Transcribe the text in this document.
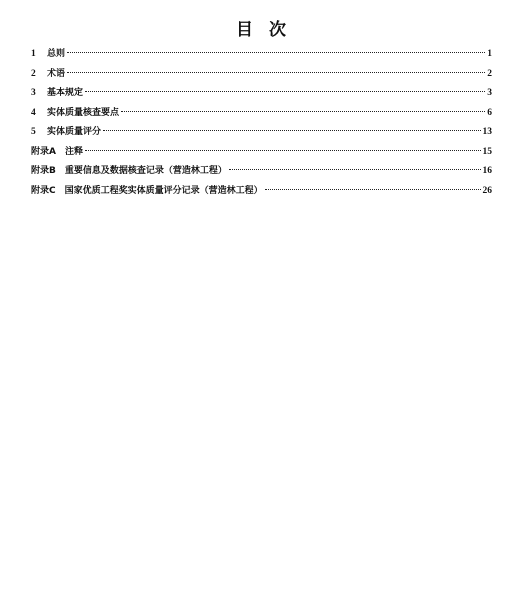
目 次
1	总则	1
2	术语	2
3	基本规定	3
4	实体质量核查要点	6
5	实体质量评分	13
附录A 注释	15
附录B 重要信息及数据核查记录（营造林工程）	16
附录C 国家优质工程奖实体质量评分记录（营造林工程）	26
